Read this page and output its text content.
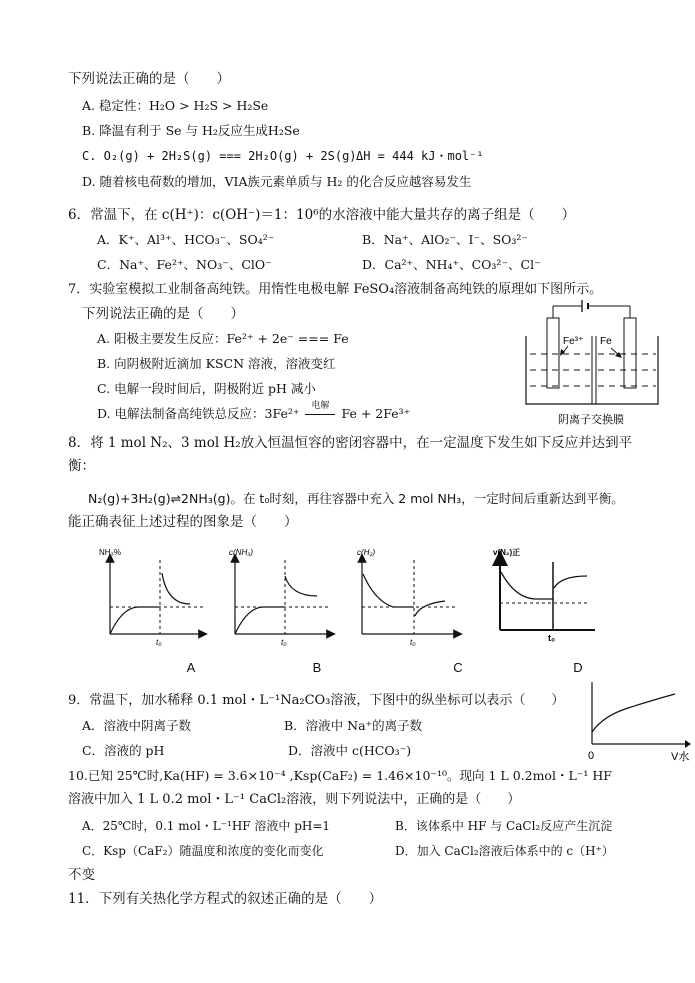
下列说法正确的是（　　）
A. 稳定性：H₂O > H₂S > H₂Se
B. 降温有利于 Se 与 H₂反应生成H₂Se
C. O₂(g) + 2H₂S(g) === 2H₂O(g) + 2S(g) ΔH = 444 kJ・mol⁻¹
D. 随着核电荷数的增加，VIA族元素单质与 H₂ 的化合反应越容易发生
6．常温下，在 c(H⁺)：c(OH⁻)＝1：10⁶的水溶液中能大量共存的离子组是（　　）
A．K⁺、Al³⁺、HCO₃⁻、SO₄²⁻	B．Na⁺、AlO₂⁻、I⁻、SO₃²⁻
C．Na⁺、Fe²⁺、NO₃⁻、ClO⁻	D．Ca²⁺、NH₄⁺、CO₃²⁻、Cl⁻
7．实验室模拟工业制备高纯铁。用惰性电极电解 FeSO₄溶液制备高纯铁的原理如下图所示。
下列说法正确的是（　　）
A. 阳极主要发生反应：Fe²⁺ + 2e⁻ === Fe
B. 向阴极附近滴加 KSCN 溶液，溶液变红
C. 电解一段时间后，阴极附近 pH 减小
D. 电解法制备高纯铁总反应：3Fe²⁺	电解 Fe + 2Fe³⁺
Fe³⁺ Fe
阴离子交换膜
8．将 1 mol N₂、3 mol H₂放入恒温恒容的密闭容器中，在一定温度下发生如下反应并达到平
衡：
N₂(g)+3H₂(g)⇌2NH₃(g)。在 t₀时刻，再往容器中充入 2 mol NH₃，一定时间后重新达到平衡。
能正确表征上述过程的图象是（　　）
NH₃%
t₀
c(NH₃)
t₀
c(H₂)
t₀
v(N₂)正
t₀
A	B	C	D
9．常温下，加水稀释 0.1 mol・L⁻¹Na₂CO₃溶液，下图中的纵坐标可以表示（　　）
A．溶液中阴离子数	B．溶液中 Na⁺的离子数
C．溶液的 pH	D．溶液中 c(HCO₃⁻)	0	V水
10.已知 25℃时,Ka(HF) = 3.6×10⁻⁴ ,Ksp(CaF₂) = 1.46×10⁻¹⁰。现向 1 L 0.2mol・L⁻¹ HF
溶液中加入 1 L 0.2 mol・L⁻¹ CaCl₂溶液，则下列说法中，正确的是（　　）
A．25℃时，0.1 mol・L⁻¹HF 溶液中 pH=1	B．该体系中 HF 与 CaCl₂反应产生沉淀
C．Ksp（CaF₂）随温度和浓度的变化而变化	D．加入 CaCl₂溶液后体系中的 c（H⁺）
不变
11．下列有关热化学方程式的叙述正确的是（　　）
